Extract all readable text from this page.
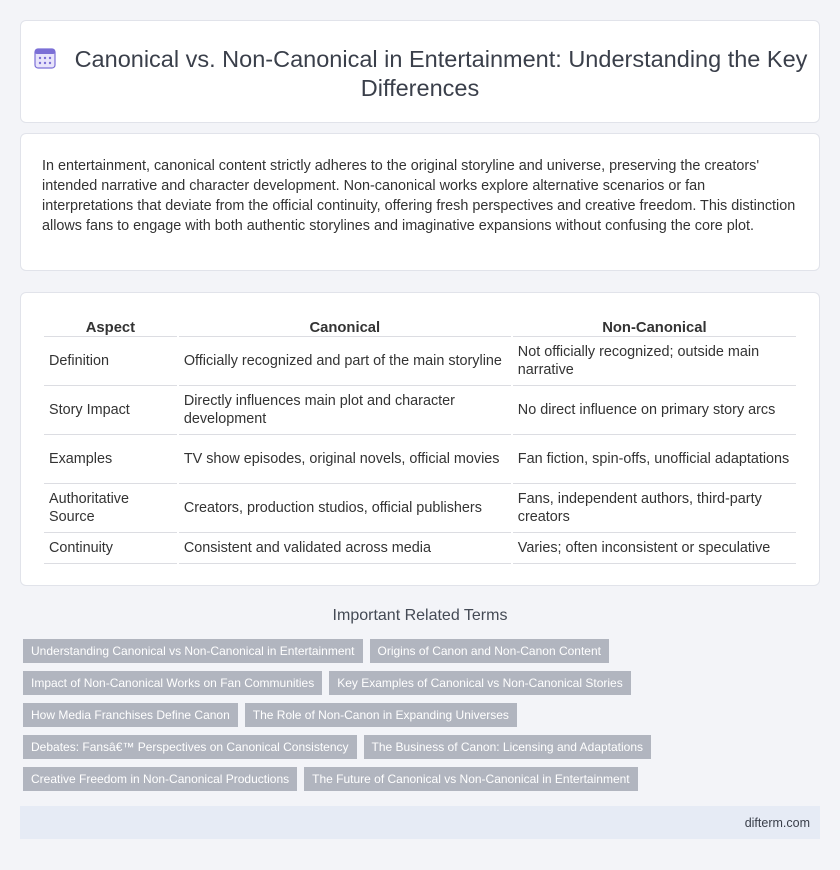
Canonical vs. Non-Canonical in Entertainment: Understanding the Key Differences

In entertainment, canonical content strictly adheres to the original storyline and universe, preserving the creators' intended narrative and character development. Non-canonical works explore alternative scenarios or fan interpretations that deviate from the official continuity, offering fresh perspectives and creative freedom. This distinction allows fans to engage with both authentic storylines and imaginative expansions without confusing the core plot.

Aspect	Canonical	Non-Canonical
Definition	Officially recognized and part of the main storyline	Not officially recognized; outside main narrative
Story Impact	Directly influences main plot and character development	No direct influence on primary story arcs
Examples	TV show episodes, original novels, official movies	Fan fiction, spin-offs, unofficial adaptations
Authoritative Source	Creators, production studios, official publishers	Fans, independent authors, third-party creators
Continuity	Consistent and validated across media	Varies; often inconsistent or speculative
Important Related Terms
Understanding Canonical vs Non-Canonical in Entertainment	Origins of Canon and Non-Canon Content
Impact of Non-Canonical Works on Fan Communities	Key Examples of Canonical vs Non-Canonical Stories
How Media Franchises Define Canon	The Role of Non-Canon in Expanding Universes
Debates: Fansâ€™ Perspectives on Canonical Consistency	The Business of Canon: Licensing and Adaptations
Creative Freedom in Non-Canonical Productions	The Future of Canonical vs Non-Canonical in Entertainment
difterm.com
